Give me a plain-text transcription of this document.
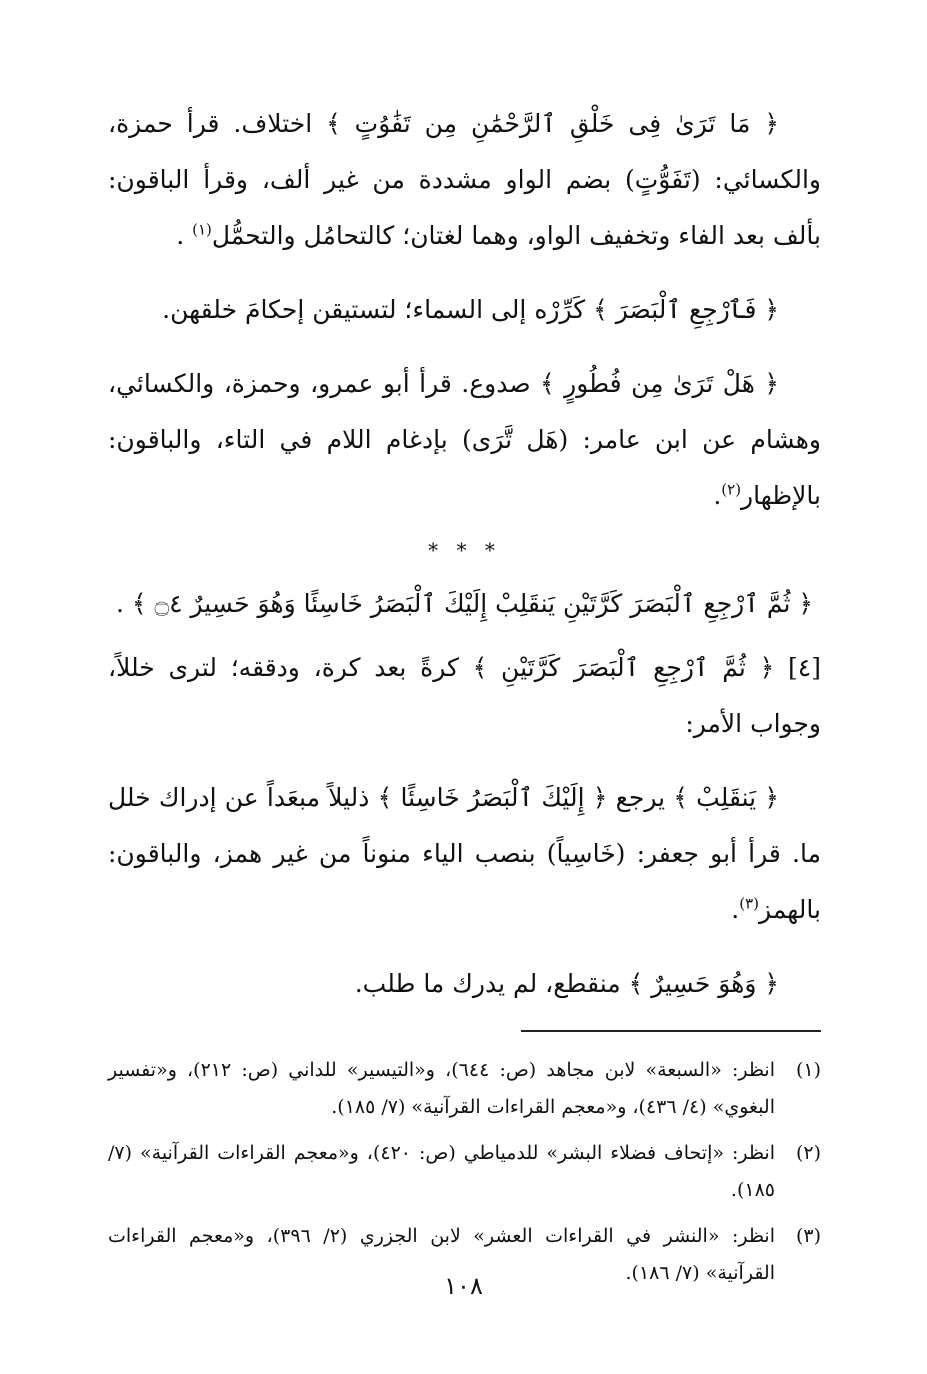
﴿ مَا تَرَىٰ فِى خَلْقِ ٱلرَّحْمَٰنِ مِن تَفَٰوُتٍ ﴾ اختلاف. قرأ حمزة، والكسائي: (تَفَوُّتٍ) بضم الواو مشددة من غير ألف، وقرأ الباقون: بألف بعد الفاء وتخفيف الواو، وهما لغتان؛ كالتحامُل والتحمُّل$^{(١)}$ .

﴿ فَٱرْجِعِ ٱلْبَصَرَ ﴾ كَرِّرْه إلى السماء؛ لتستيقن إحكامَ خلقهن.

﴿ هَلْ تَرَىٰ مِن فُطُورٍ ﴾ صدوع. قرأ أبو عمرو، وحمزة، والكسائي، وهشام عن ابن عامر: (هَل تَّرَى) بإدغام اللام في التاء، والباقون: بالإظهار$^{(٢)}$.

* * *
﴿ ثُمَّ ٱرْجِعِ ٱلْبَصَرَ كَرَّتَيْنِ يَنقَلِبْ إِلَيْكَ ٱلْبَصَرُ خَاسِئًا وَهُوَ حَسِيرٌ ۝٤ ﴾ .

[٤] ﴿ ثُمَّ ٱرْجِعِ ٱلْبَصَرَ كَرَّتَيْنِ ﴾ كرةً بعد كرة، ودققه؛ لترى خللاً، وجواب الأمر:

﴿ يَنقَلِبْ ﴾ يرجع ﴿ إِلَيْكَ ٱلْبَصَرُ خَاسِئًا ﴾ ذليلاً مبعَداً عن إدراك خلل ما. قرأ أبو جعفر: (خَاسِياً) بنصب الياء منوناً من غير همز، والباقون: بالهمز$^{(٣)}$.

﴿ وَهُوَ حَسِيرٌ ﴾ منقطع، لم يدرك ما طلب.

(١)
انظر: «السبعة» لابن مجاهد (ص: ٦٤٤)، و«التيسير» للداني (ص: ٢١٢)، و«تفسير البغوي» (٤/ ٤٣٦)، و«معجم القراءات القرآنية» (٧/ ١٨٥).
(٢)
انظر: «إتحاف فضلاء البشر» للدمياطي (ص: ٤٢٠)، و«معجم القراءات القرآنية» (٧/ ١٨٥).
(٣)
انظر: «النشر في القراءات العشر» لابن الجزري (٢/ ٣٩٦)، و«معجم القراءات القرآنية» (٧/ ١٨٦).
١٠٨
